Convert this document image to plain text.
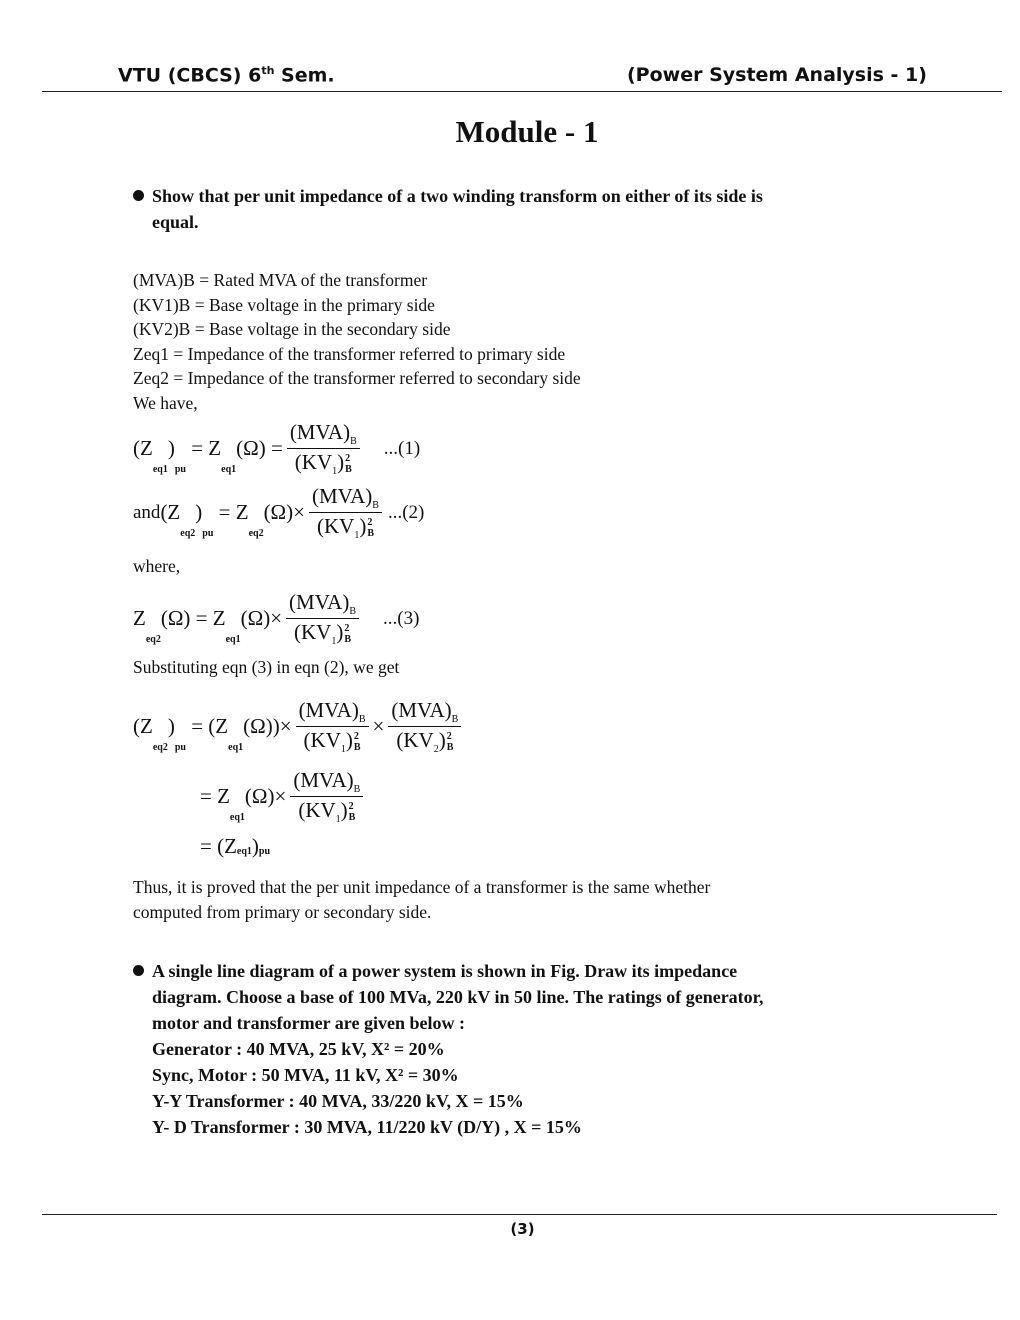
VTU (CBCS) 6th Sem.	(Power System Analysis - 1)
Module - 1
Show that per unit impedance of a two winding transform on either of its side is
equal.
(MVA)B = Rated MVA of the transformer
(KV1)B = Base voltage in the primary side
(KV2)B = Base voltage in the secondary side
Zeq1 = Impedance of the transformer referred to primary side
Zeq2 = Impedance of the transformer referred to secondary side
We have,
(Z
eq1
)
pu

=
Z
eq1
(Ω)
= $(MVA)_B$
$(KV_1)$ 2
B ...(1)
and (Z
eq2
)
pu

=
Z
eq2
$(\Omega) \times (MVA)_B$
$(KV_1)$ 2
B ...(2)
where,
Z
eq2
(Ω)
=
Z
eq1
$(\Omega) \times (MVA)_B$
$(KV_1)$ 2
B ...(3)
Substituting eqn (3) in eqn (2), we get
(Z
eq2
)
pu

=
(Z
eq1
$(\Omega)) \times (MVA)_B$
$(KV_1)$ 2
$B \times (MVA)_B$
$(KV_2)$ 2
B
=
Z
eq1
$(\Omega) \times (MVA)_B$
$(KV_1)$ 2
B
=
(Z eq1 ) pu
Thus, it is proved that the per unit impedance of a transformer is the same whether
computed from primary or secondary side.
A single line diagram of a power system is shown in Fig. Draw its impedance
diagram. Choose a base of 100 MVa, 220 kV in 50 line. The ratings of generator,
motor and transformer are given below :
Generator : 40 MVA, 25 kV, X² = 20%
Sync, Motor : 50 MVA, 11 kV, X² = 30%
Y-Y Transformer : 40 MVA, 33/220 kV, X = 15%
Y- D Transformer : 30 MVA, 11/220 kV (D/Y) , X = 15%
(3)
